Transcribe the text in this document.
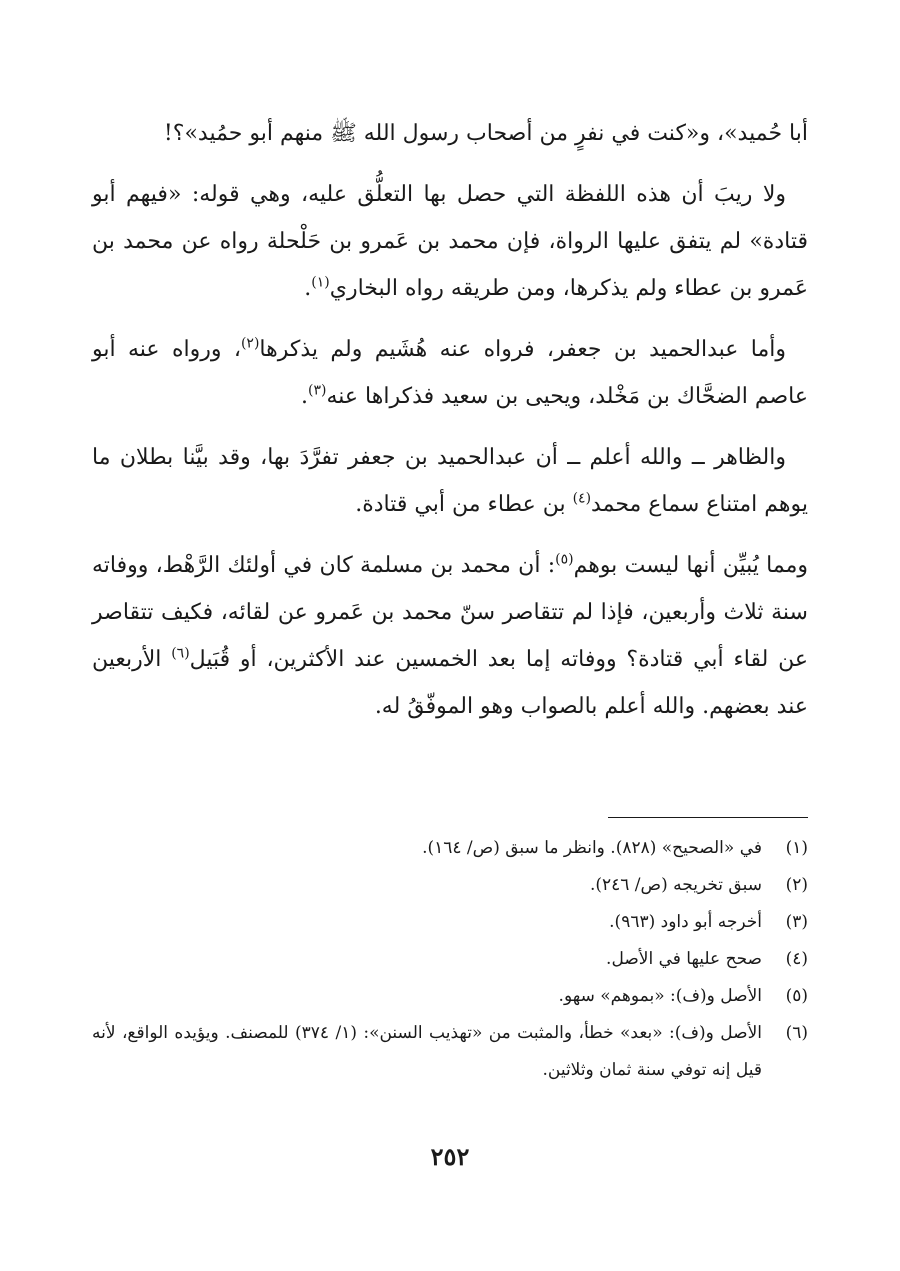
أبا حُميد»، و«كنت في نفرٍ من أصحاب رسول الله ﷺ منهم أبو حمُيد»؟!

ولا ريبَ أن هذه اللفظة التي حصل بها التعلُّق عليه، وهي قوله: «فيهم أبو قتادة» لم يتفق عليها الرواة، فإن محمد بن عَمرو بن حَلْحلة رواه عن محمد بن عَمرو بن عطاء ولم يذكرها، ومن طريقه رواه البخاري$^{(١)}$.

وأما عبدالحميد بن جعفر، فرواه عنه هُشَيم ولم يذكرها$^{(٢)}$، ورواه عنه أبو عاصم الضحَّاك بن مَخْلد، ويحيى بن سعيد فذكراها عنه$^{(٣)}$.

والظاهر ــ والله أعلم ــ أن عبدالحميد بن جعفر تفرَّدَ بها، وقد بيَّنا بطلان ما يوهم امتناع سماع محمد$^{(٤)}$ بن عطاء من أبي قتادة.

ومما يُبيِّن أنها ليست بوهم$^{(٥)}$: أن محمد بن مسلمة كان في أولئك الرَّهْط، ووفاته سنة ثلاث وأربعين، فإذا لم تتقاصر سنّ محمد بن عَمرو عن لقائه، فكيف تتقاصر عن لقاء أبي قتادة؟ ووفاته إما بعد الخمسين عند الأكثرين، أو قُبَيل$^{(٦)}$ الأربعين عند بعضهم. والله أعلم بالصواب وهو الموفّقُ له.

(١)
في «الصحيح» (٨٢٨). وانظر ما سبق (ص/ ١٦٤).
(٢)
سبق تخريجه (ص/ ٢٤٦).
(٣)
أخرجه أبو داود (٩٦٣).
(٤)
صحح عليها في الأصل.
(٥)
الأصل و(ف): «بموهم» سهو.
(٦)
الأصل و(ف): «بعد» خطأ، والمثبت من «تهذيب السنن»: (١/ ٣٧٤) للمصنف. ويؤيده الواقع، لأنه قيل إنه توفي سنة ثمان وثلاثين.
٢٥٢
